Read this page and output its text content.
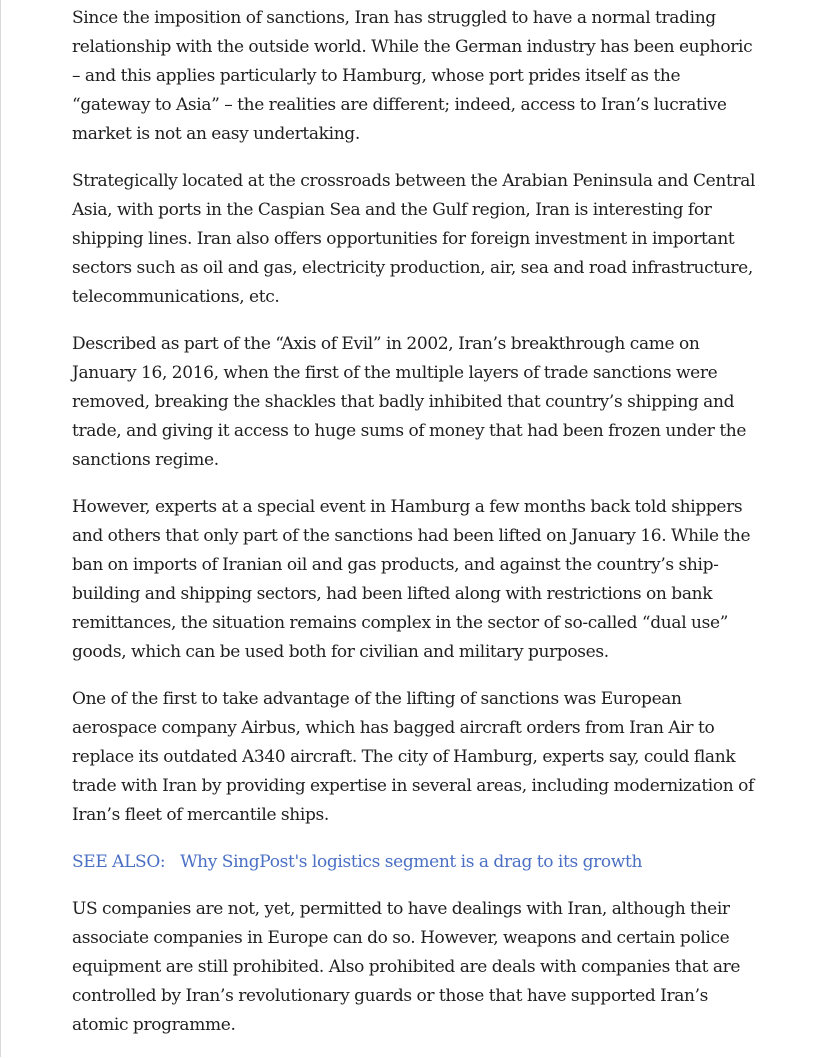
Since the imposition of sanctions, Iran has struggled to have a normal trading relationship with the outside world. While the German industry has been euphoric – and this applies particularly to Hamburg, whose port prides itself as the “gateway to Asia” – the realities are different; indeed, access to Iran’s lucrative market is not an easy undertaking.

Strategically located at the crossroads between the Arabian Peninsula and Central Asia, with ports in the Caspian Sea and the Gulf region, Iran is interesting for shipping lines. Iran also offers opportunities for foreign investment in important sectors such as oil and gas, electricity production, air, sea and road infrastructure, telecommunications, etc.

Described as part of the “Axis of Evil” in 2002, Iran’s breakthrough came on January 16, 2016, when the first of the multiple layers of trade sanctions were removed, breaking the shackles that badly inhibited that country’s shipping and trade, and giving it access to huge sums of money that had been frozen under the sanctions regime.

However, experts at a special event in Hamburg a few months back told shippers and others that only part of the sanctions had been lifted on January 16. While the ban on imports of Iranian oil and gas products, and against the country’s ship-building and shipping sectors, had been lifted along with restrictions on bank remittances, the situation remains complex in the sector of so-called “dual use” goods, which can be used both for civilian and military purposes.

One of the first to take advantage of the lifting of sanctions was European aerospace company Airbus, which has bagged aircraft orders from Iran Air to replace its outdated A340 aircraft. The city of Hamburg, experts say, could flank trade with Iran by providing expertise in several areas, including modernization of Iran’s fleet of mercantile ships.

SEE ALSO: Why SingPost's logistics segment is a drag to its growth

US companies are not, yet, permitted to have dealings with Iran, although their associate companies in Europe can do so. However, weapons and certain police equipment are still prohibited. Also prohibited are deals with companies that are controlled by Iran’s revolutionary guards or those that have supported Iran’s atomic programme.
